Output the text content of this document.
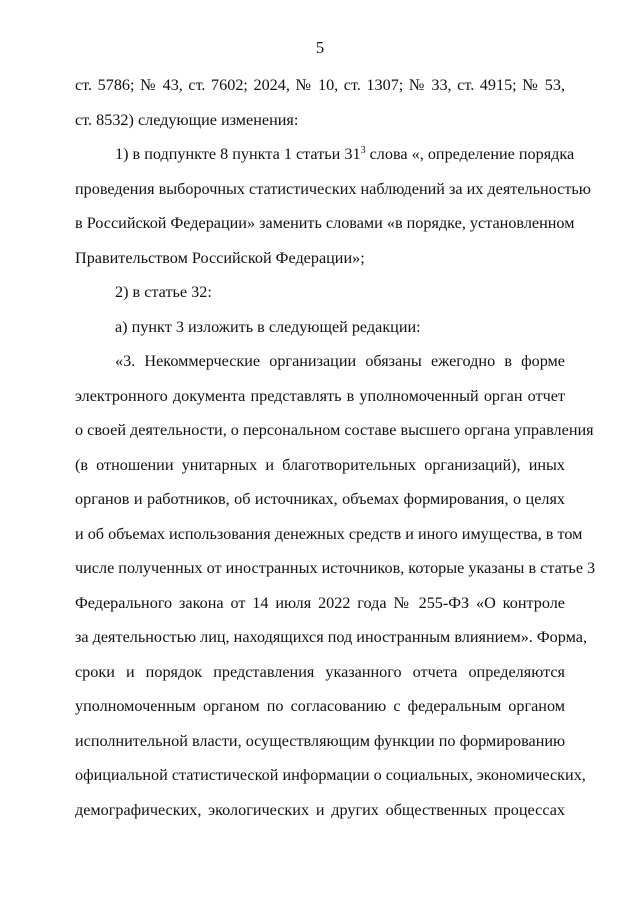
5
ст. 5786; № 43, ст. 7602; 2024, № 10, ст. 1307; № 33, ст. 4915; № 53,
ст. 8532) следующие изменения:
1) в подпункте 8 пункта 1 статьи $31^3$ слова «, определение порядка
проведения выборочных статистических наблюдений за их деятельностью
в Российской Федерации» заменить словами «в порядке, установленном
Правительством Российской Федерации»;
2) в статье 32:
а) пункт 3 изложить в следующей редакции:
«3. Некоммерческие организации обязаны ежегодно в форме
электронного документа представлять в уполномоченный орган отчет
о своей деятельности, о персональном составе высшего органа управления
(в отношении унитарных и благотворительных организаций), иных
органов и работников, об источниках, объемах формирования, о целях
и об объемах использования денежных средств и иного имущества, в том
числе полученных от иностранных источников, которые указаны в статье 3
Федерального закона от 14 июля 2022 года № 255-ФЗ «О контроле
за деятельностью лиц, находящихся под иностранным влиянием». Форма,
сроки и порядок представления указанного отчета определяются
уполномоченным органом по согласованию с федеральным органом
исполнительной власти, осуществляющим функции по формированию
официальной статистической информации о социальных, экономических,
демографических, экологических и других общественных процессах
